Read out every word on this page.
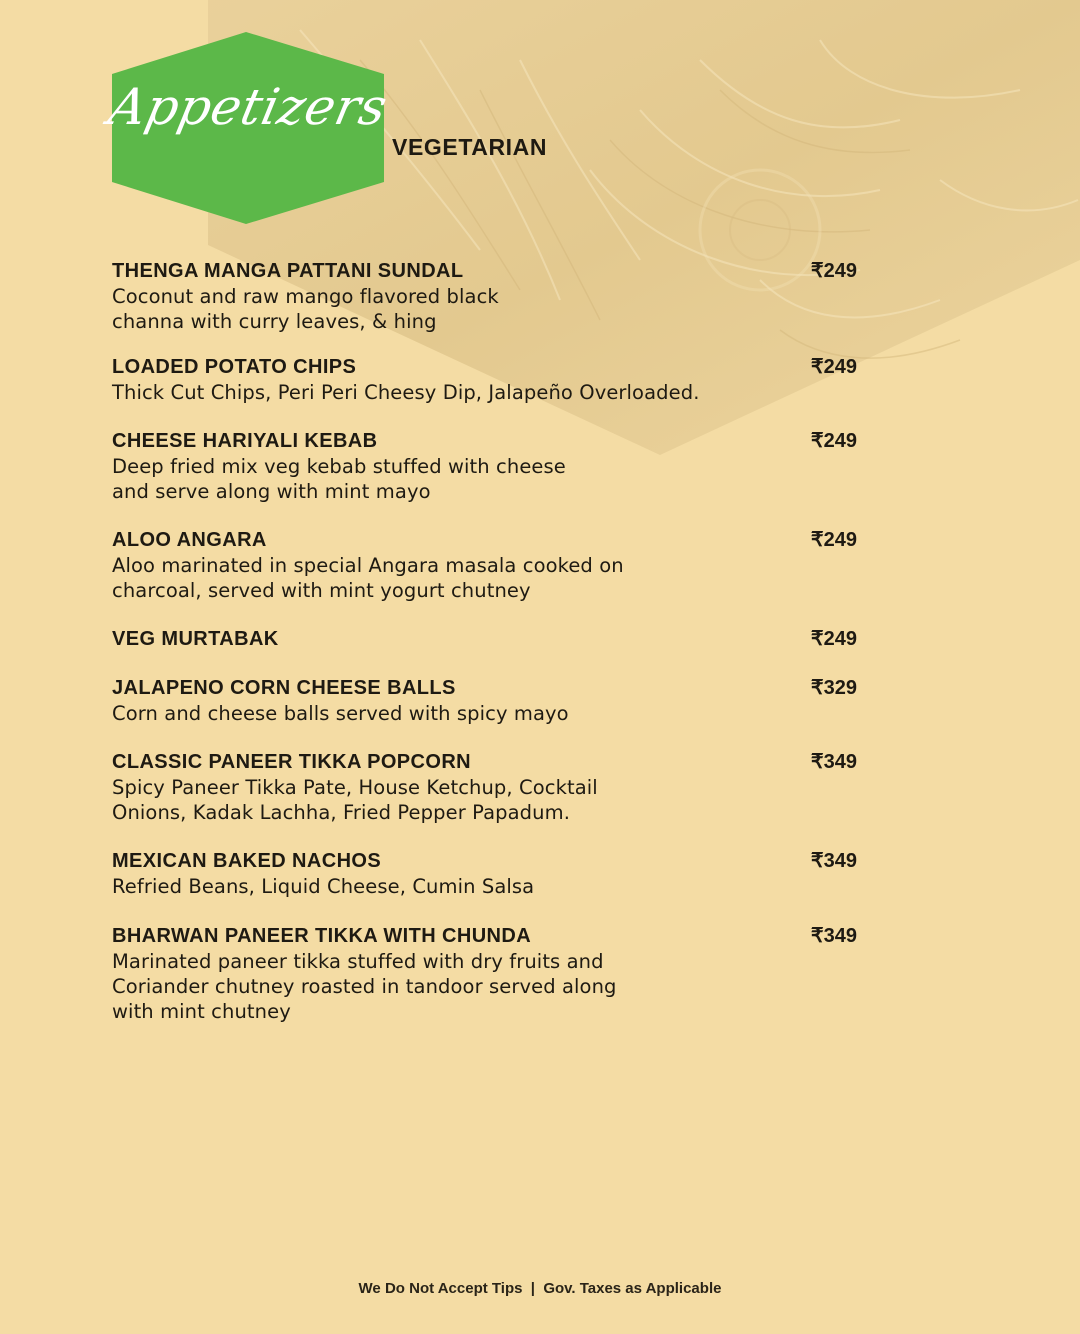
Appetizers
VEGETARIAN
THENGA MANGA PATTANI SUNDAL	₹249
Coconut and raw mango flavored black
channa with curry leaves, & hing
LOADED POTATO CHIPS	₹249
Thick Cut Chips, Peri Peri Cheesy Dip, Jalapeño Overloaded.
CHEESE HARIYALI KEBAB	₹249
Deep fried mix veg kebab stuffed with cheese
and serve along with mint mayo
ALOO ANGARA	₹249
Aloo marinated in special Angara masala cooked on
charcoal, served with mint yogurt chutney
VEG MURTABAK	₹249
JALAPENO CORN CHEESE BALLS	₹329
Corn and cheese balls served with spicy mayo
CLASSIC PANEER TIKKA POPCORN	₹349
Spicy Paneer Tikka Pate, House Ketchup, Cocktail
Onions, Kadak Lachha, Fried Pepper Papadum.
MEXICAN BAKED NACHOS	₹349
Refried Beans, Liquid Cheese, Cumin Salsa
BHARWAN PANEER TIKKA WITH CHUNDA	₹349
Marinated paneer tikka stuffed with dry fruits and
Coriander chutney roasted in tandoor served along
with mint chutney
We Do Not Accept Tips  |  Gov. Taxes as Applicable
